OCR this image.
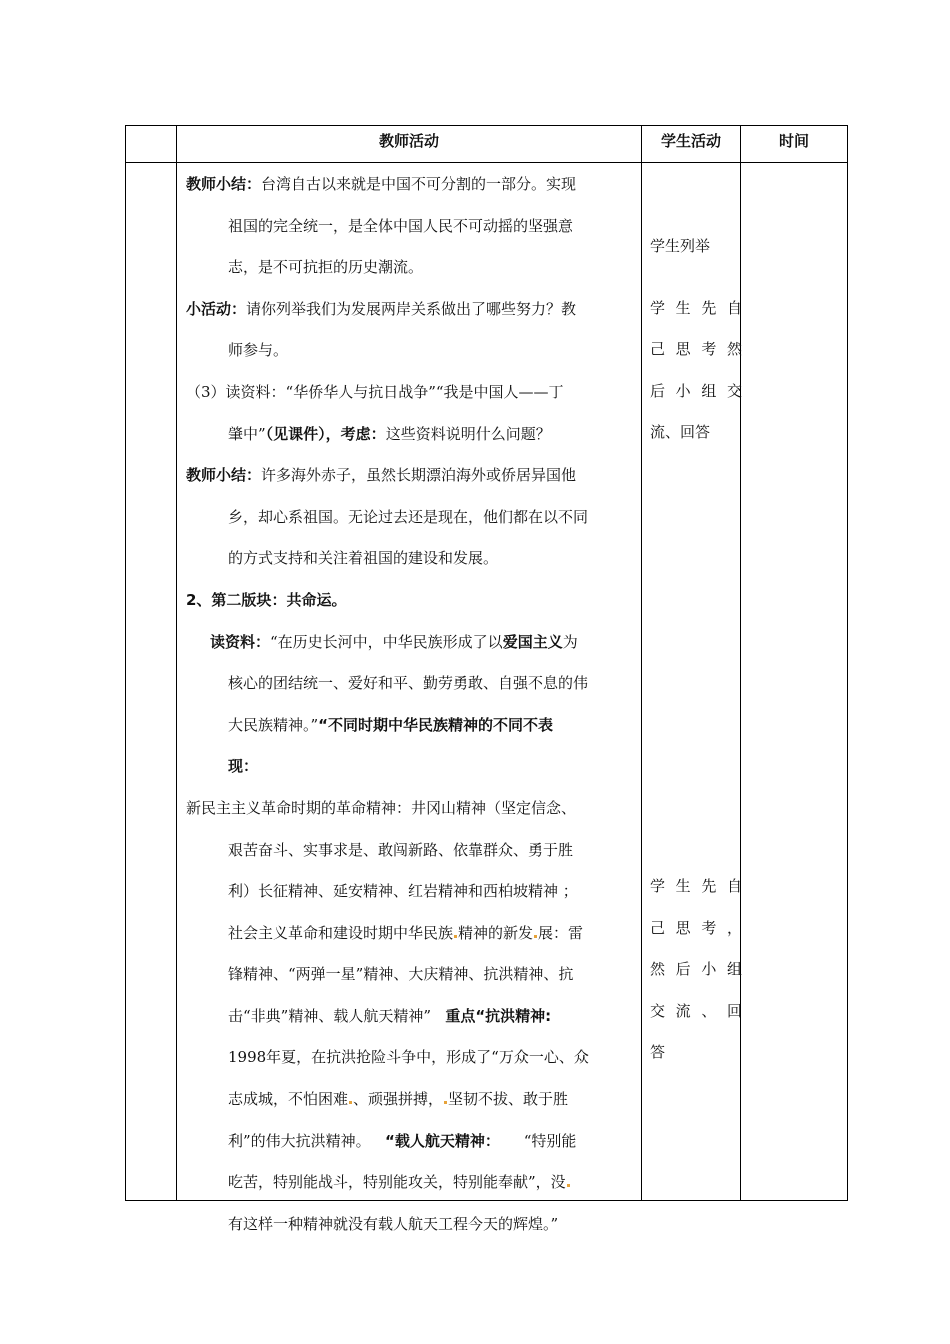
教师活动	学生活动	时间
教师小结：台湾自古以来就是中国不可分割的一部分。实现
祖国的完全统一，是全体中国人民不可动摇的坚强意
志，是不可抗拒的历史潮流。
小活动：请你列举我们为发展两岸关系做出了哪些努力？教
师参与。
（3）读资料：“华侨华人与抗日战争”“我是中国人——丁
肇中”（见课件），考虑：这些资料说明什么问题？
教师小结：许多海外赤子，虽然长期漂泊海外或侨居异国他
乡，却心系祖国。无论过去还是现在，他们都在以不同
的方式支持和关注着祖国的建设和发展。
2、第二版块：共命运。
读资料：“在历史长河中，中华民族形成了以爱国主义为
核心的团结统一、爱好和平、勤劳勇敢、自强不息的伟
大民族精神。”“不同时期中华民族精神的不同不表
现：
新民主主义革命时期的革命精神：井冈山精神（坚定信念、
艰苦奋斗、实事求是、敢闯新路、依靠群众、勇于胜
利）长征精神、延安精神、红岩精神和西柏坡精神 ；
社会主义革命和建设时期中华民族 精神的新发 展：雷
锋精神、“两弹一星”精神、大庆精神、抗洪精神、抗
击“非典”精神、载人航天精神” 重点“抗洪精神:
1998年夏，在抗洪抢险斗争中，形成了“万众一心、众
志成城，不怕困难 、顽强拼搏， 坚韧不拔、敢于胜
利”的伟大抗洪精神。 “载人航天精神： “特别能
吃苦，特别能战斗，特别能攻关，特别能奉献”，没
有这样一种精神就没有载人航天工程今天的辉煌。”
学生列举
学 生 先 自
己 思 考 然
后 小 组 交
流、回答
学 生 先 自
己 思 考 ，
然 后 小 组
交 流 、 回
答
